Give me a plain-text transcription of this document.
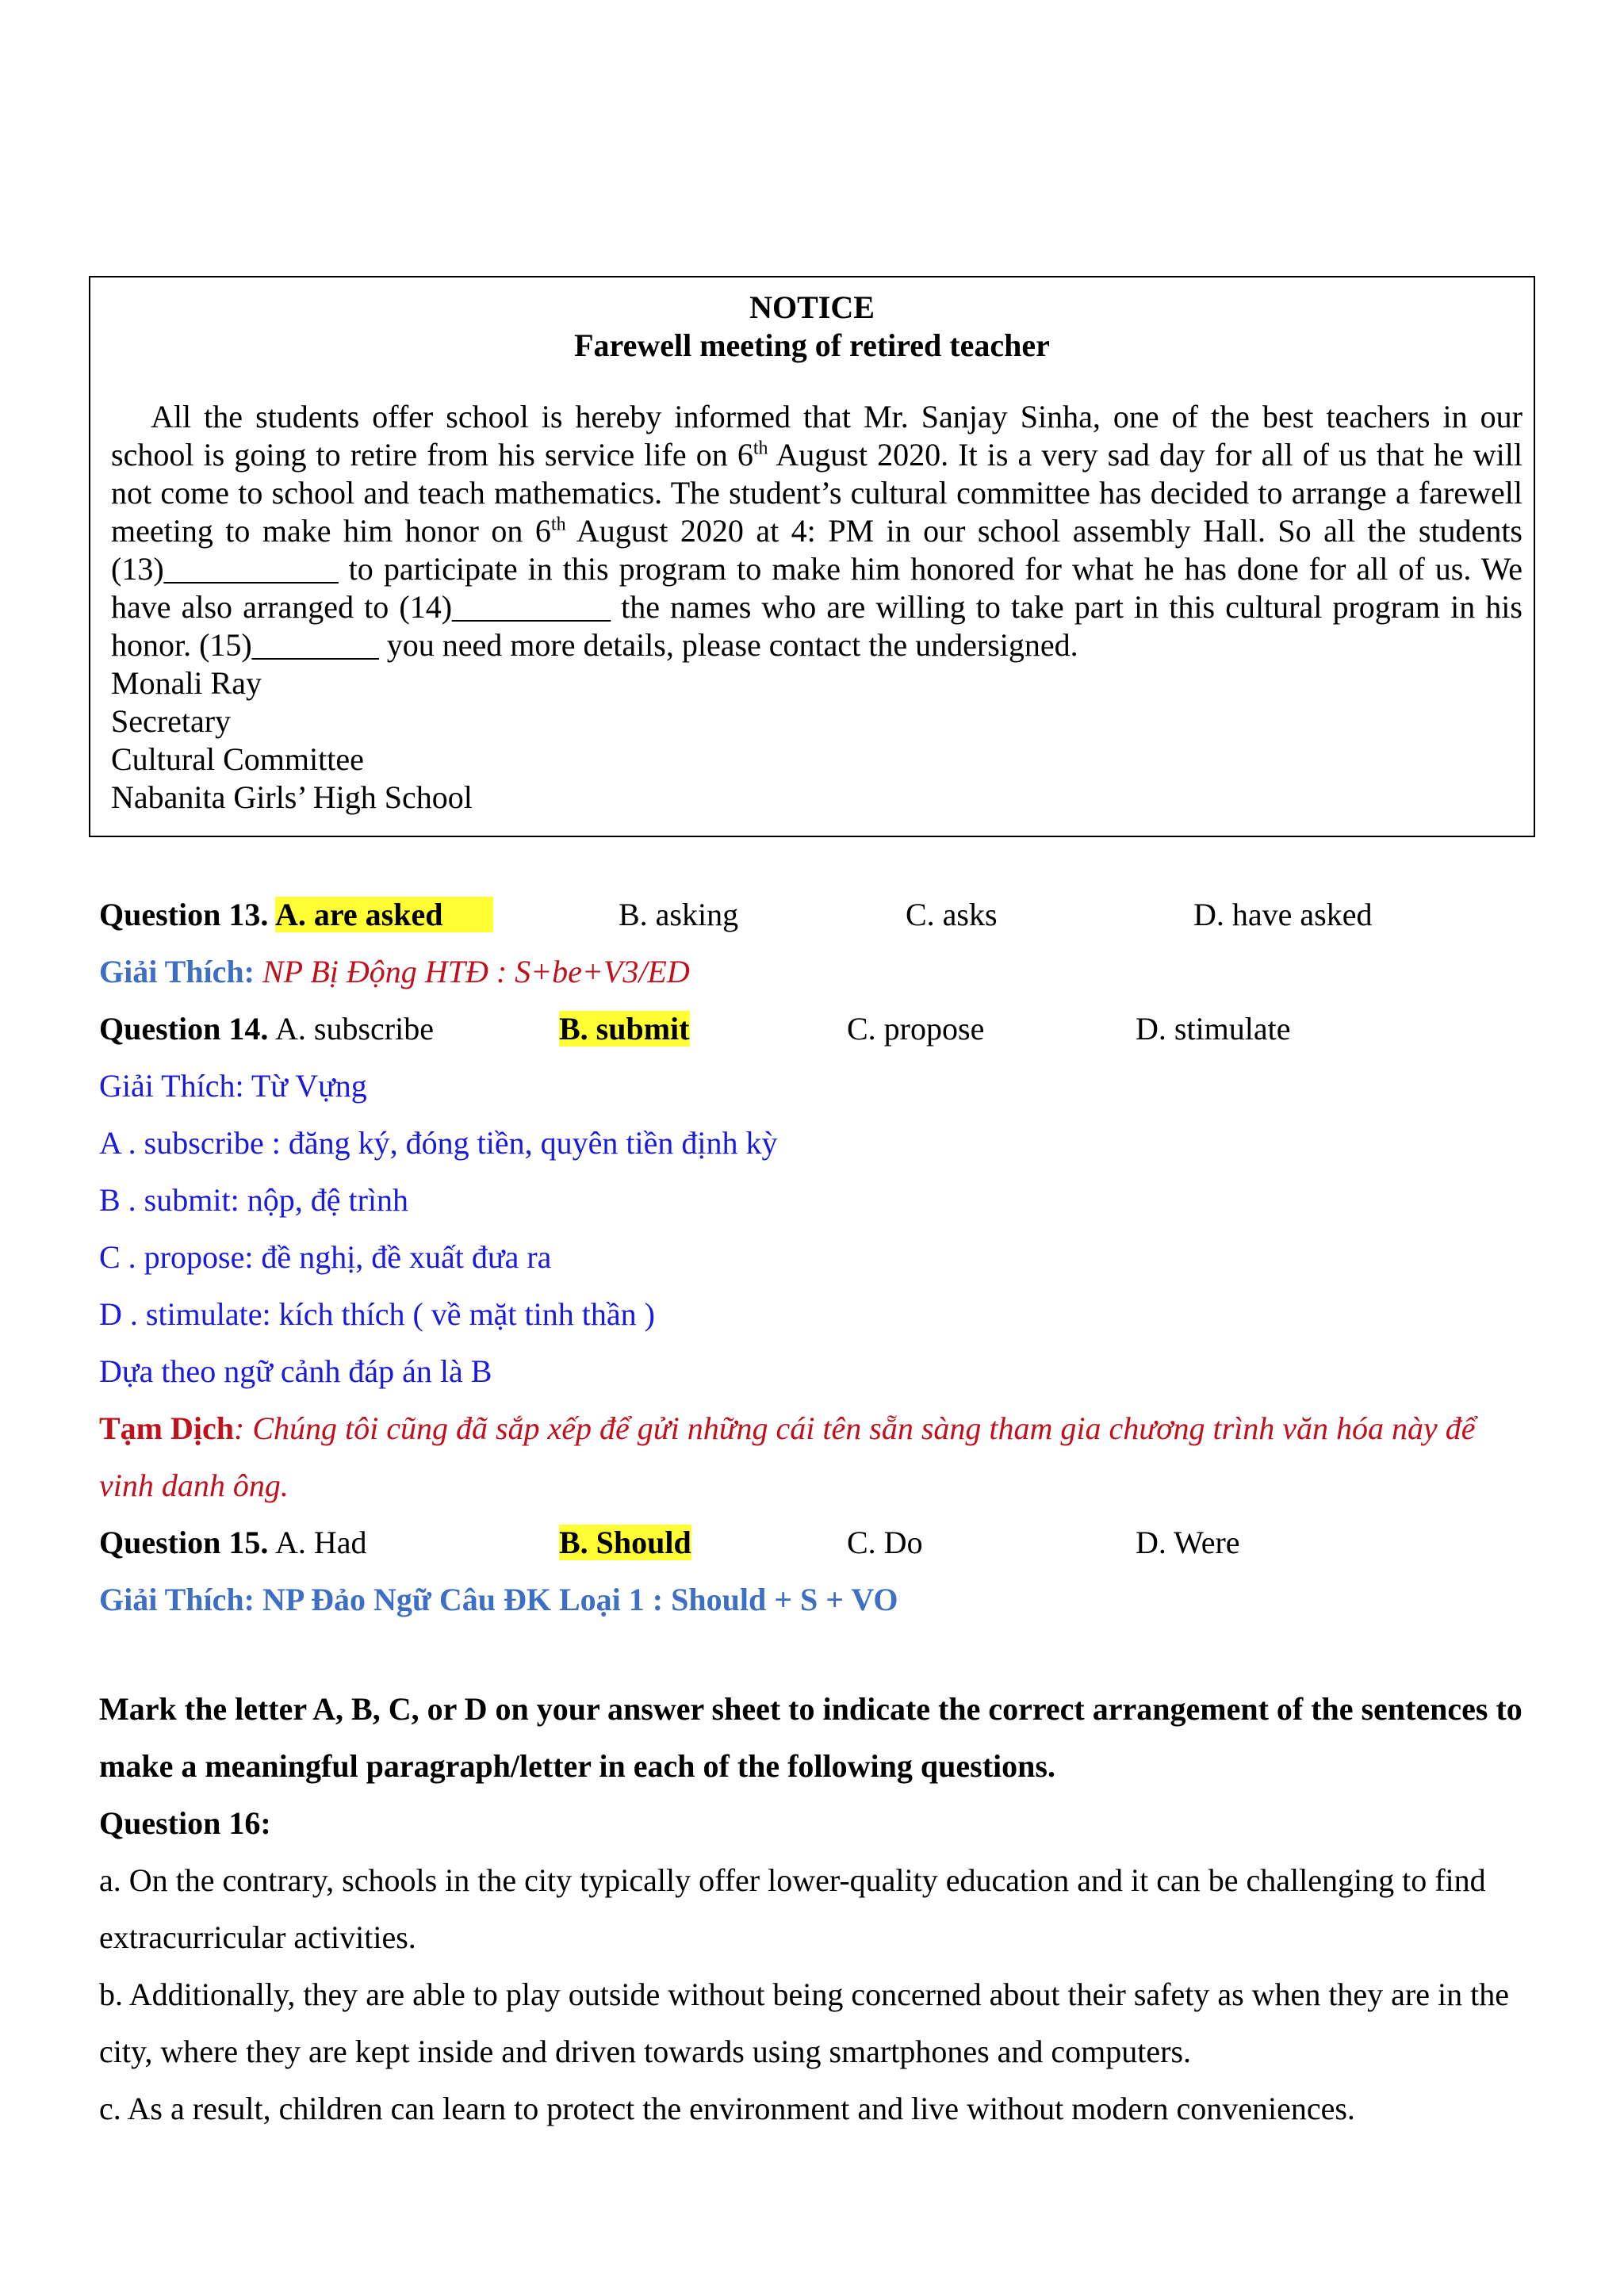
NOTICE
Farewell meeting of retired teacher

All the students offer school is hereby informed that Mr. Sanjay Sinha, one of the best teachers in our school is going to retire from his service life on 6th August 2020. It is a very sad day for all of us that he will not come to school and teach mathematics. The student’s cultural committee has decided to arrange a farewell meeting to make him honor on 6th August 2020 at 4: PM in our school assembly Hall. So all the students (13)___________ to participate in this program to make him honored for what he has done for all of us. We have also arranged to (14)__________ the names who are willing to take part in this cultural program in his honor. (15)________ you need more details, please contact the undersigned.

Monali Ray
Secretary
Cultural Committee
Nabanita Girls’ High School
Question 13. A. are asked	B. asking	C. asks	D. have asked
Giải Thích: NP Bị Động HTĐ : S+be+V3/ED
Question 14. A. subscribe	B. submit	C. propose	D. stimulate
Giải Thích: Từ Vựng
A . subscribe : đăng ký, đóng tiền, quyên tiền định kỳ
B . submit: nộp, đệ trình
C . propose: đề nghị, đề xuất đưa ra
D . stimulate: kích thích ( về mặt tinh thần )
Dựa theo ngữ cảnh đáp án là B

Tạm Dịch: Chúng tôi cũng đã sắp xếp để gửi những cái tên sẵn sàng tham gia chương trình văn hóa này để vinh danh ông.

Question 15. A. Had	B. Should	C. Do	D. Were
Giải Thích: NP Đảo Ngữ Câu ĐK Loại 1 : Should + S + VO

Mark the letter A, B, C, or D on your answer sheet to indicate the correct arrangement of the sentences to make a meaningful paragraph/letter in each of the following questions.

Question 16:

a. On the contrary, schools in the city typically offer lower-quality education and it can be challenging to find extracurricular activities.

b. Additionally, they are able to play outside without being concerned about their safety as when they are in the city, where they are kept inside and driven towards using smartphones and computers.

c. As a result, children can learn to protect the environment and live without modern conveniences.
